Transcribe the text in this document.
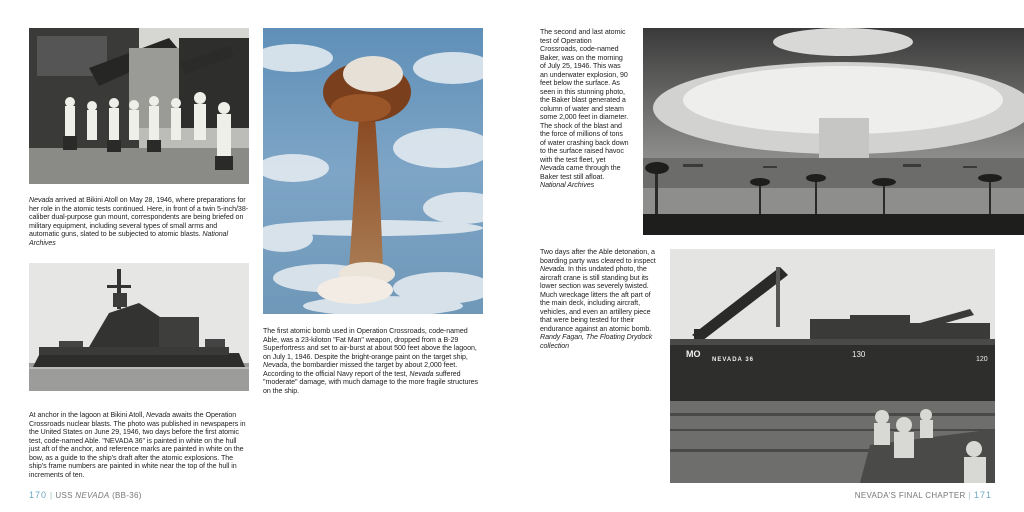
Nevada arrived at Bikini Atoll on May 28, 1946, where preparations for her role in the atomic tests continued. Here, in front of a twin 5-inch/38-caliber dual-purpose gun mount, correspondents are being briefed on military equipment, including several types of small arms and automatic guns, slated to be subjected to atomic blasts. National Archives

At anchor in the lagoon at Bikini Atoll, Nevada awaits the Operation Crossroads nuclear blasts. The photo was published in newspapers in the United States on June 29, 1946, two days before the first atomic test, code-named Able. "NEVADA 36" is painted in white on the hull just aft of the anchor, and reference marks are painted in white on the bow, as a guide to the ship's draft after the atomic explosions. The ship's frame numbers are painted in white near the top of the hull in increments of ten.

The first atomic bomb used in Operation Crossroads, code-named Able, was a 23-kiloton "Fat Man" weapon, dropped from a B-29 Superfortress and set to air-burst at about 500 feet above the lagoon, on July 1, 1946. Despite the bright-orange paint on the target ship, Nevada, the bombardier missed the target by about 2,000 feet. According to the official Navy report of the test, Nevada suffered "moderate" damage, with much damage to the more fragile structures on the ship.

170 | USS NEVADA (BB-36)

The second and last atomic test of Operation Crossroads, code-named Baker, was on the morning of July 25, 1946. This was an underwater explosion, 90 feet below the surface. As seen in this stunning photo, the Baker blast generated a column of water and steam some 2,000 feet in diameter. The shock of the blast and the force of millions of tons of water crashing back down to the surface raised havoc with the test fleet, yet Nevada came through the Baker test still afloat. National Archives

Two days after the Able detonation, a boarding party was cleared to inspect Nevada. In this undated photo, the aircraft crane is still standing but its lower section was severely twisted. Much wreckage litters the aft part of the main deck, including aircraft, vehicles, and even an artillery piece that were being tested for their endurance against an atomic bomb. Randy Fagan, The Floating Drydock collection

MO
NEVADA 36
130
120
NEVADA'S FINAL CHAPTER | 171
